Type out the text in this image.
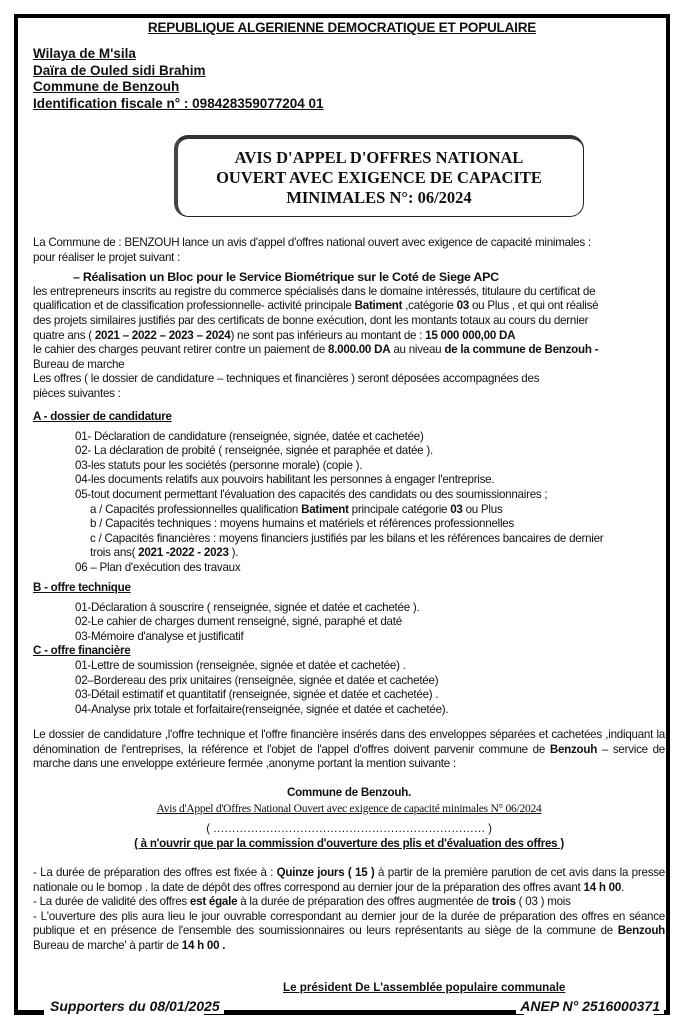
REPUBLIQUE ALGERIENNE DEMOCRATIQUE ET POPULAIRE
Wilaya de M'sila
Daïra de Ouled sidi Brahim
Commune de Benzouh
Identification fiscale n° : 098428359077204 01
AVIS D'APPEL D'OFFRES NATIONAL
OUVERT AVEC EXIGENCE DE CAPACITE
MINIMALES N°: 06/2024

La Commune de : BENZOUH lance un avis d'appel d'offres national ouvert avec exigence de capacité minimales :

pour réaliser le projet suivant :

– Réalisation un Bloc pour le Service Biométrique sur le Coté de Siege APC

les entrepreneurs inscrits au registre du commerce spécialisés dans le domaine intéressés, titulaure du certificat de

qualification et de classification professionnelle- activité principale Batiment ,catégorie 03 ou Plus , et qui ont réalisé

des projets similaires justifiés par des certificats de bonne exécution, dont les montants totaux au cours du dernier

quatre ans ( 2021 – 2022 – 2023 – 2024) ne sont pas inférieurs au montant de : 15 000 000,00 DA

le cahier des charges peuvant retirer contre un paiement de 8.000.00 DA au niveau de la commune de Benzouh -

Bureau de marche

Les offres ( le dossier de candidature – techniques et financières ) seront déposées accompagnées des

pièces suivantes :

A - dossier de candidature

01- Déclaration de candidature (renseignée, signée, datée et cachetée)

02- La déclaration de probité ( renseignée, signée et paraphée et datée ).

03-les statuts pour les sociétés (personne morale) (copie ).

04-les documents relatifs aux pouvoirs habilitant les personnes à engager l'entreprise.

05-tout document permettant l'évaluation des capacités des candidats ou des soumissionnaires ;

a / Capacités professionnelles qualification Batiment principale catégorie 03 ou Plus

b / Capacités techniques : moyens humains et matériels et références professionnelles

c / Capacités financières : moyens financiers justifiés par les bilans et les références bancaires de dernier

trois ans( 2021 -2022 - 2023 ).

06 – Plan d'exécution des travaux

B - offre technique

01-Déclaration à souscrire ( renseignée, signée et datée et cachetée ).

02-Le cahier de charges dument renseigné, signé, paraphé et daté

03-Mémoire d'analyse et justificatif

C - offre financière

01-Lettre de soumission (renseignée, signée et datée et cachetée) .

02–Bordereau des prix unitaires (renseignée, signée et datée et cachetée)

03-Détail estimatif et quantitatif (renseignée, signée et datée et cachetée) .

04-Analyse prix totale et forfaitaire(renseignée, signée et datée et cachetée).

Le dossier de candidature ,l'offre technique et l'offre financière insérés dans des enveloppes séparées et cachetées ,indiquant la dénomination de l'entreprises, la référence et l'objet de l'appel d'offres doivent parvenir commune de Benzouh – service de marche dans une enveloppe extérieure fermée ,anonyme portant la mention suivante :

Commune de Benzouh.

Avis d'Appel d'Offres National Ouvert avec exigence de capacité minimales N° 06/2024

( ……………………………………………………………… )

( à n'ouvrir que par la commission d'ouverture des plis et d'évaluation des offres )

- La durée de préparation des offres est fixée à : Quinze jours ( 15 ) à partir de la première parution de cet avis dans la presse nationale ou le bomop . la date de dépôt des offres correspond au dernier jour de la préparation des offres avant 14 h 00.

- La durée de validité des offres est égale à la durée de préparation des offres augmentée de trois ( 03 ) mois

- L'ouverture des plis aura lieu le jour ouvrable correspondant au dernier jour de la durée de préparation des offres en séance publique et en présence de l'ensemble des soumissionnaires ou leurs représentants au siège de la commune de Benzouh Bureau de marche' à partir de 14 h 00 .

Le président De L'assemblée populaire communale
Supporters du 08/01/2025	ANEP N° 2516000371
